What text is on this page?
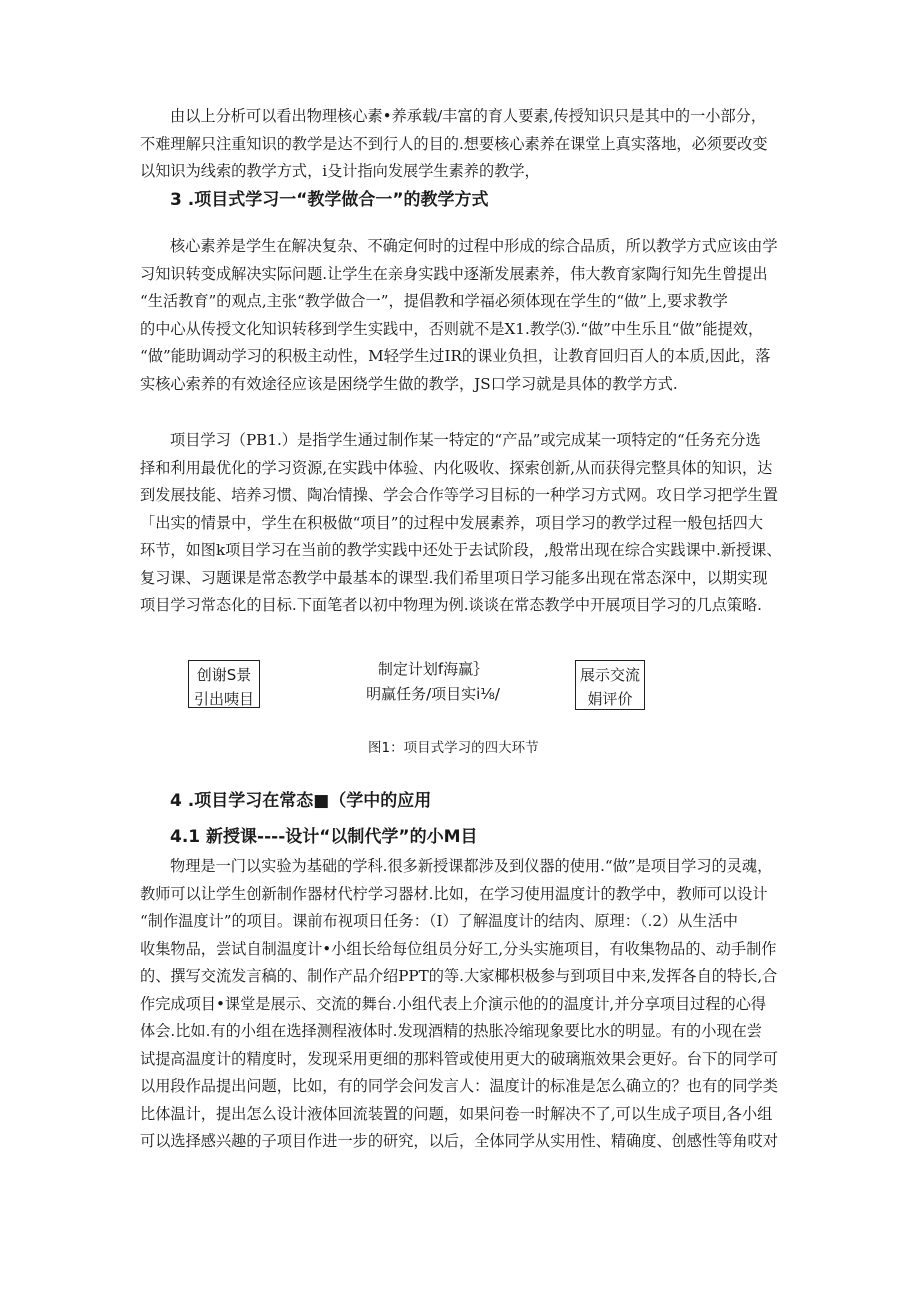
由以上分析可以看出物理核心素•养承载/丰富的育人要素,传授知识只是其中的一小部分，
不难理解只注重知识的教学是达不到行人的目的.想要核心素养在课堂上真实落地，必须要改变
以知识为线索的教学方式，i殳计指向发展学生素养的教学，
3 .项目式学习一“教学做合一”的教学方式
核心素养是学生在解决复杂、不确定何时的过程中形成的综合品质，所以教学方式应该由学
习知识转变成解决实际问题.让学生在亲身实践中逐渐发展素养，伟大教育家陶行知先生曾提出
“生活教育”的观点,主张“教学做合一”，提倡教和学福必须体现在学生的“做”上,要求教学
的中心从传授文化知识转移到学生实践中，否则就不是X1.教学⑶.“做”中生乐且“做”能提效，
“做”能助调动学习的积极主动性，M轻学生过IR的课业负担，让教育回归百人的本质,因此，落
实核心索养的有效途径应该是困绕学生做的教学，JS口学习就是具体的教学方式.
项目学习（PB1.）是指学生通过制作某一特定的“产品”或完成某一项特定的“任务充分选
择和利用最优化的学习资源,在实践中体验、内化吸收、探索创新,从而获得完整具体的知识，达
到发展技能、培养习惯、陶冶情操、学会合作等学习目标的一种学习方式网。攻日学习把学生置
「出实的情景中，学生在积极做“项目”的过程中发展素养，项目学习的教学过程一般包括四大
环节，如图k项目学习在当前的教学实践中还处于去试阶段，,般常出现在综合实践课中.新授课、
复习课、习题课是常态教学中最基本的课型.我们希里项日学习能多出现在常态深中，以期实现
项目学习常态化的目标.下面笔者以初中物理为例.谈谈在常态教学中开展项目学习的几点策略.
创谢S景
引出咦目
制定计划f海赢｝
明赢任务/项目实i⅛/
展示交流
娟评价
图1：项目式学习的四大环节
4 .项目学习在常态■（学中的应用
4.1 新授课----设计“以制代学”的小M目
物理是一门以实验为基础的学科.很多新授课都涉及到仪器的使用.“做”是项目学习的灵魂，
教师可以让学生创新制作器材代柠学习器材.比如，在学习使用温度计的教学中，教师可以设计
“制作温度计”的项目。课前布视项日任务：（I）了解温度计的结肉、原理：（.2）从生活中
收集物品，尝试自制温度计•小组长给每位组员分好工,分头实施项目，有收集物品的、动手制作
的、撰写交流发言稿的、制作产品介绍PPT的等.大家椰枳极参与到项目中来,发挥各自的特长,合
作完成项目•课堂是展示、交流的舞台.小组代表上介演示他的的温度计,并分享项目过程的心得
体会.比如.有的小组在选择测程液体时.发现酒精的热胀冷缩现象要比水的明显。有的小现在尝
试提高温度计的精度时，发现采用更细的那料管或使用更大的破璃瓶效果会更好。台下的同学可
以用段作品提出问题，比如，有的同学会问发言人：温度计的标准是怎么确立的？也有的同学类
比体温计，提出怎么设计液体回流装置的问题，如果问卷一时解决不了,可以生成子项目,各小组
可以选择感兴趣的子项目作进一步的研究，以后，全体同学从实用性、精确度、创感性等角哎对
